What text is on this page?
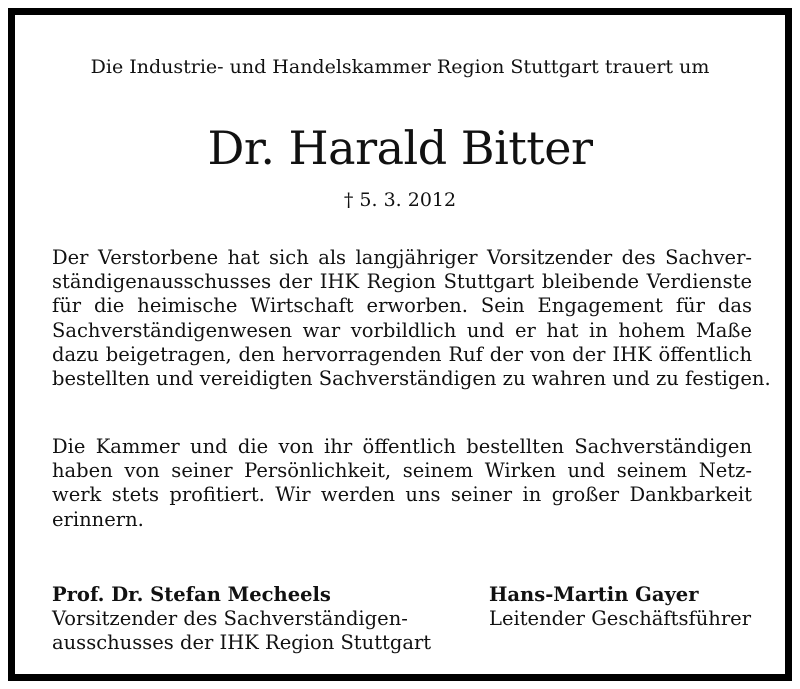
Die Industrie- und Handelskammer Region Stuttgart trauert um
Dr. Harald Bitter
† 5. 3. 2012
Der Verstorbene hat sich als langjähriger Vorsitzender des Sachver-
ständigenausschusses der IHK Region Stuttgart bleibende Verdienste
für die heimische Wirtschaft erworben. Sein Engagement für das
Sachverständigenwesen war vorbildlich und er hat in hohem Maße
dazu beigetragen, den hervorragenden Ruf der von der IHK öffentlich
bestellten und vereidigten Sachverständigen zu wahren und zu festigen.
Die Kammer und die von ihr öffentlich bestellten Sachverständigen
haben von seiner Persönlichkeit, seinem Wirken und seinem Netz-
werk stets profitiert. Wir werden uns seiner in großer Dankbarkeit
erinnern.
Prof. Dr. Stefan Mecheels
Vorsitzender des Sachverständigen-
ausschusses der IHK Region Stuttgart
Hans-Martin Gayer
Leitender Geschäftsführer
